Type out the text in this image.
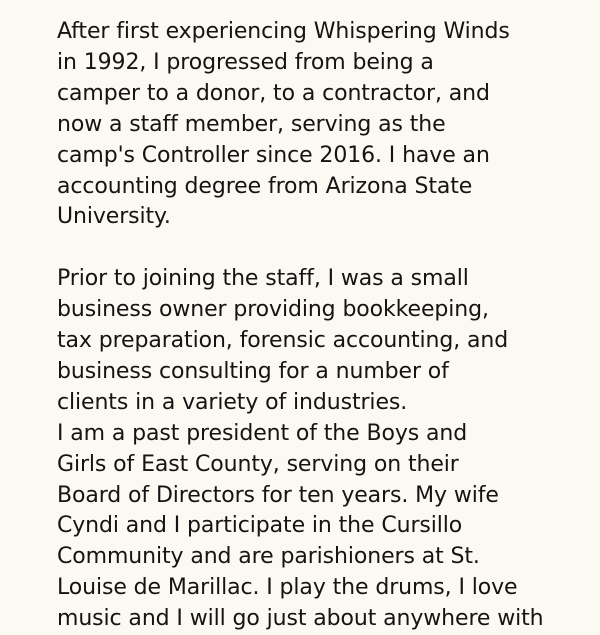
After first experiencing Whispering Winds
in 1992, I progressed from being a
camper to a donor, to a contractor, and
now a staff member, serving as the
camp's Controller since 2016. I have an
accounting degree from Arizona State
University.
Prior to joining the staff, I was a small
business owner providing bookkeeping,
tax preparation, forensic accounting, and
business consulting for a number of
clients in a variety of industries.
I am a past president of the Boys and
Girls of East County, serving on their
Board of Directors for ten years. My wife
Cyndi and I participate in the Cursillo
Community and are parishioners at St.
Louise de Marillac. I play the drums, I love
music and I will go just about anywhere with
